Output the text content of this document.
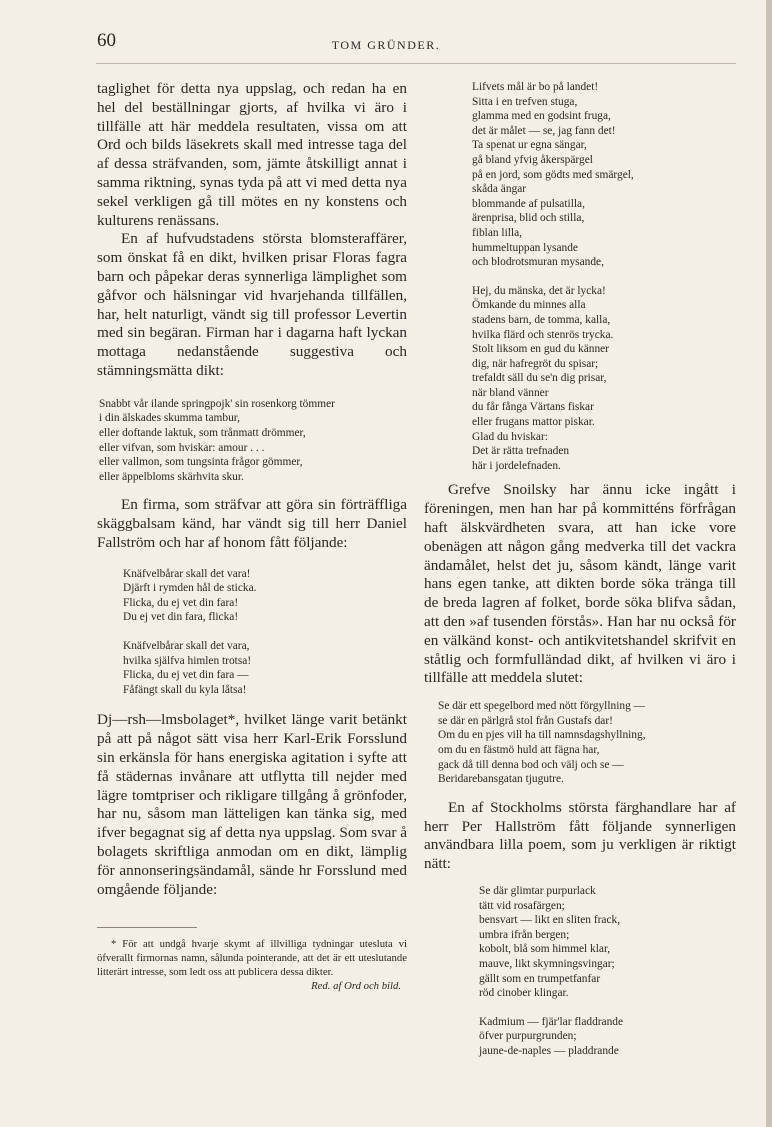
60	TOM GRÜNDER.

taglighet för detta nya uppslag, och redan ha en hel del beställningar gjorts, af hvilka vi äro i tillfälle att här meddela resultaten, vissa om att Ord och bilds läsekrets skall med intresse taga del af dessa sträfvanden, som, jämte åtskilligt annat i samma riktning, synas tyda på att vi med detta nya sekel verkligen gå till mötes en ny konstens och kulturens renässans.

En af hufvudstadens största blomsteraffärer, som önskat få en dikt, hvilken prisar Floras fagra barn och påpekar deras synnerliga lämplighet som gåfvor och hälsningar vid hvarjehanda tillfällen, har, helt naturligt, vändt sig till professor Levertin med sin begäran. Firman har i dagarna haft lyckan mottaga nedanstående suggestiva och stämningsmätta dikt:

Snabbt vår ilande springpojk' sin rosenkorg tömmer
i din älskades skumma tambur,
eller doftande laktuk, som trånmatt drömmer,
eller vifvan, som hviskar: amour . . .
eller vallmon, som tungsinta frågor gömmer,
eller äppelbloms skärhvita skur.

En firma, som sträfvar att göra sin förträffliga skäggbalsam känd, har vändt sig till herr Daniel Fallström och har af honom fått följande:

Knäfvelbårar skall det vara!
Djärft i rymden hål de sticka.
Flicka, du ej vet din fara!
Du ej vet din fara, flicka!
Knäfvelbårar skall det vara,
hvilka själfva himlen trotsa!
Flicka, du ej vet din fara —
Fåfängt skall du kyla låtsa!

Dj—rsh—lmsbolaget*, hvilket länge varit betänkt på att på något sätt visa herr Karl-Erik Forsslund sin erkänsla för hans energiska agitation i syfte att få städernas invånare att utflytta till nejder med lägre tomtpriser och rikligare tillgång å grönfoder, har nu, såsom man lätteligen kan tänka sig, med ifver begagnat sig af detta nya uppslag. Som svar å bolagets skriftliga anmodan om en dikt, lämplig för annonseringsändamål, sände hr Forsslund med omgående följande:

* För att undgå hvarje skymt af illvilliga tydningar utesluta vi öfverallt firmornas namn, sålunda pointerande, att det är ett uteslutande litterärt intresse, som ledt oss att publicera dessa dikter.

Red. af Ord och bild.

Lifvets mål är bo på landet!
Sitta i en trefven stuga,
glamma med en godsint fruga,
det är målet — se, jag fann det!
Ta spenat ur egna sängar,
gå bland yfvig åkerspärgel
på en jord, som gödts med smärgel,
skåda ängar
blommande af pulsatilla,
ärenprisa, blid och stilla,
fiblan lilla,
hummeltuppan lysande
och blodrotsmuran mysande,
Hej, du mänska, det är lycka!
Ömkande du minnes alla
stadens barn, de tomma, kalla,
hvilka flärd och stenrös trycka.
Stolt liksom en gud du känner
dig, när hafregröt du spisar;
trefaldt säll du se'n dig prisar,
när bland vänner
du får fånga Värtans fiskar
eller frugans mattor piskar.
Glad du hviskar:
Det är rätta trefnaden
här i jordelefnaden.

Grefve Snoilsky har ännu icke ingått i föreningen, men han har på kommitténs förfrågan haft älskvärdheten svara, att han icke vore obenägen att någon gång medverka till det vackra ändamålet, helst det ju, såsom kändt, länge varit hans egen tanke, att dikten borde söka tränga till de breda lagren af folket, borde söka blifva sådan, att den »af tusenden förstås». Han har nu också för en välkänd konst- och antikvitetshandel skrifvit en ståtlig och formfulländad dikt, af hvilken vi äro i tillfälle att meddela slutet:

Se där ett spegelbord med nött förgyllning —
se där en pärlgrå stol från Gustafs dar!
Om du en pjes vill ha till namnsdagshyllning,
om du en fästmö huld att fägna har,
gack då till denna bod och välj och se —
Beridarebansgatan tjugutre.

En af Stockholms största färghandlare har af herr Per Hallström fått följande synnerligen användbara lilla poem, som ju verkligen är riktigt nätt:

Se där glimtar purpurlack
tätt vid rosafärgen;
bensvart — likt en sliten frack,
umbra ifrån bergen;
kobolt, blå som himmel klar,
mauve, likt skymningsvingar;
gällt som en trumpetfanfar
röd cinober klingar.
Kadmium — fjär'lar fladdrande
öfver purpurgrunden;
jaune-de-naples — pladdrande
